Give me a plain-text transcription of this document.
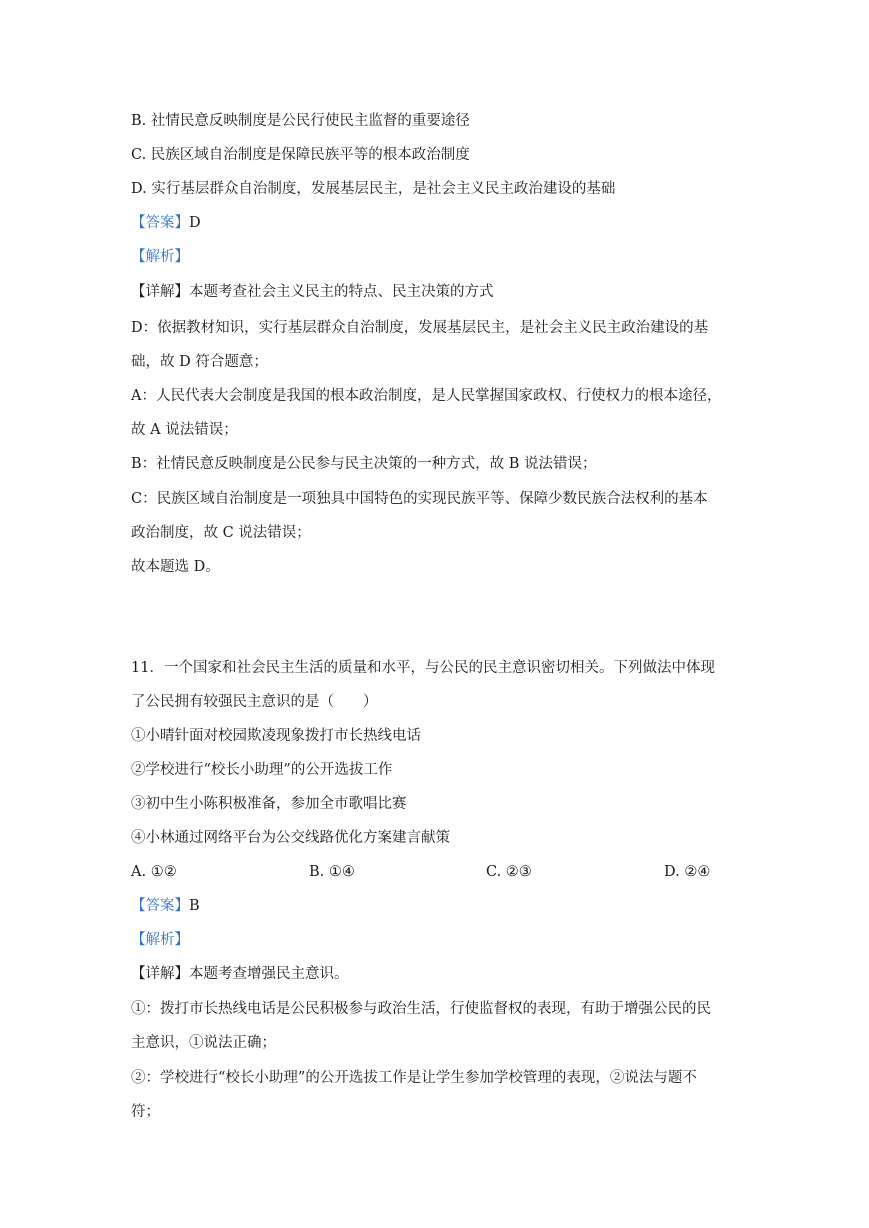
B. 社情民意反映制度是公民行使民主监督的重要途径
C. 民族区域自治制度是保障民族平等的根本政治制度
D. 实行基层群众自治制度，发展基层民主，是社会主义民主政治建设的基础
【答案】D
【解析】
【详解】本题考查社会主义民主的特点、民主决策的方式
D：依据教材知识，实行基层群众自治制度，发展基层民主，是社会主义民主政治建设的基
础，故 D 符合题意；
A：人民代表大会制度是我国的根本政治制度，是人民掌握国家政权、行使权力的根本途径，
故 A 说法错误；
B：社情民意反映制度是公民参与民主决策的一种方式，故 B 说法错误；
C：民族区域自治制度是一项独具中国特色的实现民族平等、保障少数民族合法权利的基本
政治制度，故 C 说法错误；
故本题选 D。
11．一个国家和社会民主生活的质量和水平，与公民的民主意识密切相关。下列做法中体现
了公民拥有较强民主意识的是（　　）
①小晴针面对校园欺凌现象拨打市长热线电话
②学校进行“校长小助理”的公开选拔工作
③初中生小陈积极准备，参加全市歌唱比赛
④小林通过网络平台为公交线路优化方案建言献策
A. ①②	B. ①④	C. ②③	D. ②④
【答案】B
【解析】
【详解】本题考查增强民主意识。
①：拨打市长热线电话是公民积极参与政治生活，行使监督权的表现，有助于增强公民的民
主意识，①说法正确；
②：学校进行“校长小助理”的公开选拔工作是让学生参加学校管理的表现，②说法与题不
符；
